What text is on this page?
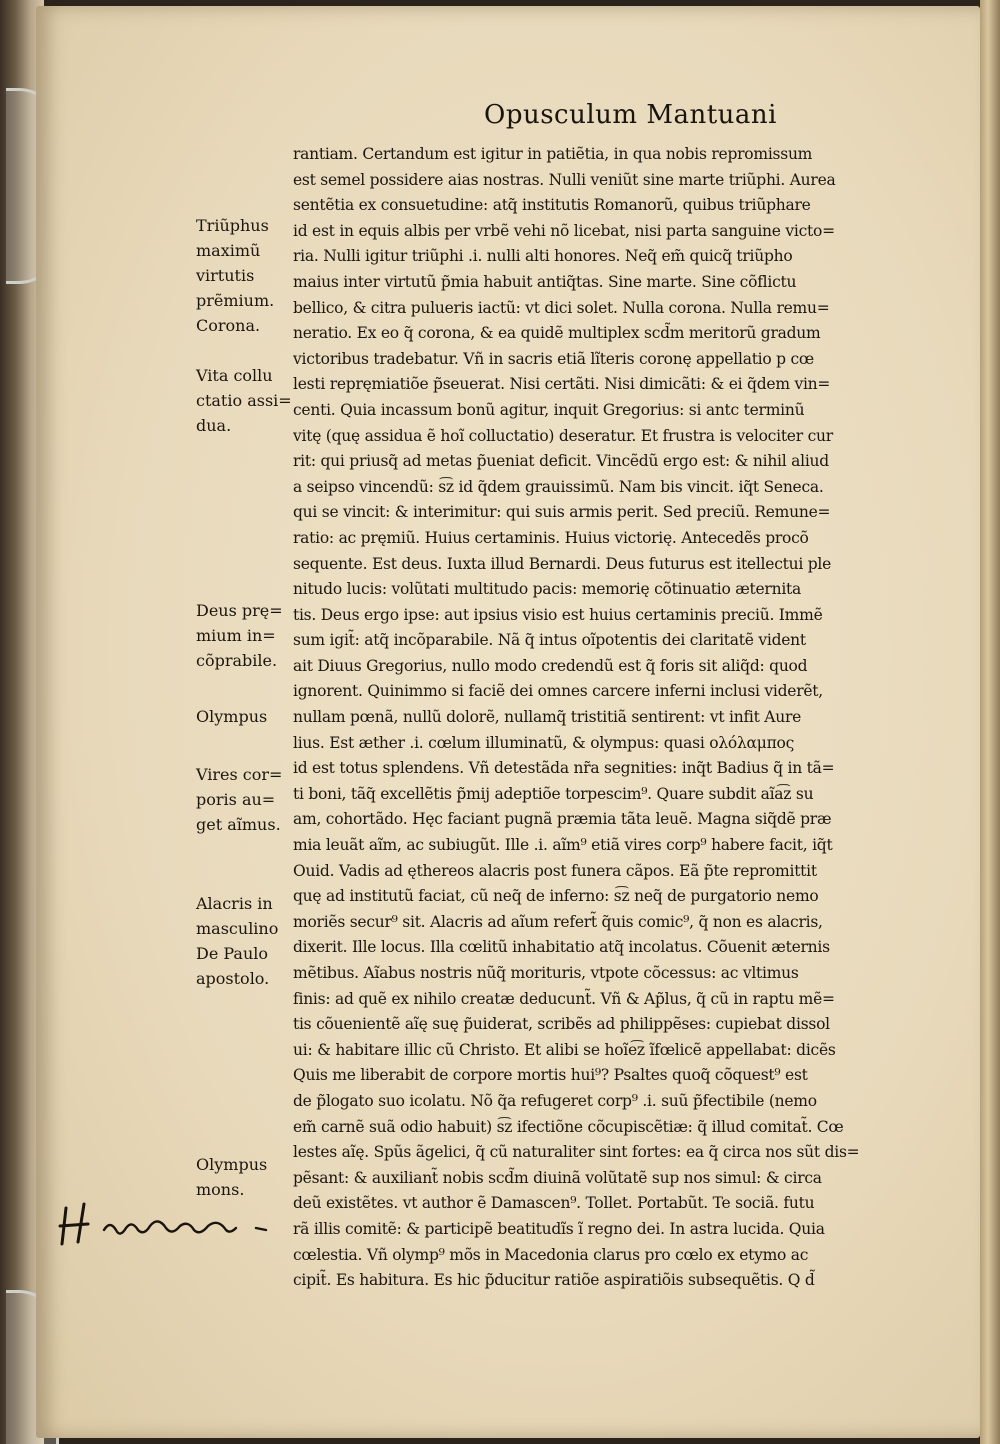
Opusculum Mantuani
rantiam. Certandum est igitur in patiẽtia, in qua nobis repromissum
est semel possidere aias nostras. Nulli veniũt sine marte triũphi. Aurea
sentẽtia ex consuetudine: atq̃ institutis Romanorũ, quibus triũphare
id est in equis albis per vrbẽ vehi nõ licebat, nisi parta sanguine victo=
ria. Nulli igitur triũphi .i. nulli alti honores. Neq̃ em̃ quicq̃ triũpho
maius inter virtutũ p̃mia habuit antiq̃tas. Sine marte. Sine cõflictu
bellico, & citra pulueris iactũ: vt dici solet. Nulla corona. Nulla remu=
neratio. Ex eo q̃ corona, & ea quidẽ multiplex scd̃m meritorũ gradum
victoribus tradebatur. Vñ in sacris etiã lĩteris coronę appellatio p cœ
lesti repręmiatiõe p̃seuerat. Nisi certãti. Nisi dimicãti: & ei q̃dem vin=
centi. Quia incassum bonũ agitur, inquit Gregorius: si antc terminũ
vitę (quę assidua ẽ hoĩ colluctatio) deseratur. Et frustra is velociter cur
rit: qui priusq̃ ad metas p̃ueniat deficit. Vincẽdũ ergo est: & nihil aliud
a seipso vincendũ: s͡z id q̃dem grauissimũ. Nam bis vincit. iq̃t Seneca.
qui se vincit: & interimitur: qui suis armis perit. Sed preciũ. Remune=
ratio: ac pręmiũ. Huius certaminis. Huius victorię. Antecedẽs procõ
sequente. Est deus. Iuxta illud Bernardi. Deus futurus est itellectui ple
nitudo lucis: volũtati multitudo pacis: memorię cõtinuatio æternita
tis. Deus ergo ipse: aut ipsius visio est huius certaminis preciũ. Immẽ
sum igit̃: atq̃ incõparabile. Nã q̃ intus oĩpotentis dei claritatẽ vident
ait Diuus Gregorius, nullo modo credendũ est q̃ foris sit aliq̃d: quod
ignorent. Quinimmo si faciẽ dei omnes carcere inferni inclusi viderẽt,
nullam pœnã, nullũ dolorẽ, nullamq̃ tristitiã sentirent: vt infit Aure
lius. Est æther .i. cœlum illuminatũ, & olympus: quasi ολόλαμπος
id est totus splendens. Vñ detestãda nr̃a segnities: inq̃t Badius q̃ in tã=
ti boni, tãq̃ excellẽtis p̃mij adeptiõe torpescim⁹. Quare subdit aĩa͡z su
am, cohortãdo. Hęc faciant pugnã præmia tãta leuẽ. Magna siq̃dẽ præ
mia leuãt aĩm, ac subiugũt. Ille .i. aĩm⁹ etiã vires corp⁹ habere facit, iq̃t
Ouid. Vadis ad ęthereos alacris post funera cãpos. Eã p̃te repromittit
quę ad institutũ faciat, cũ neq̃ de inferno: s͡z neq̃ de purgatorio nemo
moriẽs secur⁹ sit. Alacris ad aĩum refert̃ q̃uis comic⁹, q̃ non es alacris,
dixerit. Ille locus. Illa cœlitũ inhabitatio atq̃ incolatus. Cõuenit æternis
mẽtibus. Aĩabus nostris nũq̃ morituris, vtpote cõcessus: ac vltimus
finis: ad quẽ ex nihilo creatæ deducunt̃. Vñ & Ap̃lus, q̃ cũ in raptu mẽ=
tis cõuenientẽ aĩę suę p̃uiderat, scribẽs ad philippẽses: cupiebat dissol
ui: & habitare illic cũ Christo. Et alibi se hoĩe͡z ĩfœlicẽ appellabat: dicẽs
Quis me liberabit de corpore mortis hui⁹? Psaltes quoq̃ cõquest⁹ est
de p̃logato suo icolatu. Nõ q̃a refugeret corp⁹ .i. suũ p̃fectibile (nemo
em̃ carnẽ suã odio habuit) s͡z ifectiõne cõcupiscẽtiæ: q̃ illud comitat̃. Cœ
lestes aĩę. Spũs ãgelici, q̃ cũ naturaliter sint fortes: ea q̃ circa nos sũt dis=
pẽsant: & auxiliant̃ nobis scd̃m diuinã volũtatẽ sup nos simul: & circa
deũ existẽtes. vt author ẽ Damascen⁹. Tollet. Portabũt. Te sociã. futu
rã illis comitẽ: & participẽ beatitudĩs ĩ regno dei. In astra lucida. Quia
cœlestia. Vñ olymp⁹ mõs in Macedonia clarus pro cœlo ex etymo ac
cipit̃. Es habitura. Es hic p̃ducitur ratiõe aspiratiõis subsequẽtis. Q d̃
Triũphus
maximũ
virtutis
prẽmium.
Corona.
Vita collu
ctatio assi=
dua.
Deus prę=
mium in=
cõprabile.
Olympus
Vires cor=
poris au=
get aĩmus.
Alacris in
masculino
De Paulo
apostolo.
Olympus
mons.
